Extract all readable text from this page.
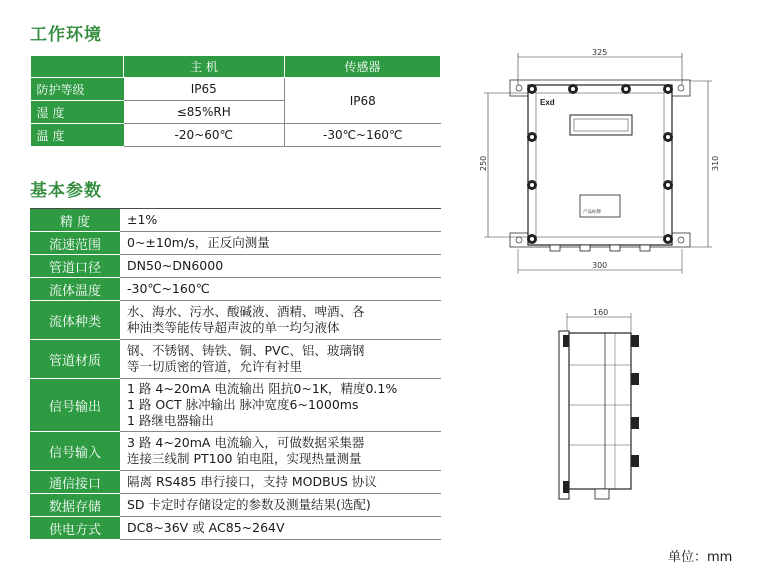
工作环境
	主 机	传感器
防护等级	IP65	IP68
湿 度	≤85%RH	
温 度	-20~60℃	-30℃~160℃
基本参数
精 度	±1%

流速范围	0~±10m/s，正反向测量

管道口径	DN50~DN6000

流体温度	-30℃~160℃

流体种类	水、海水、污水、酸碱液、酒精、啤酒、各
种油类等能传导超声波的单一均匀液体

管道材质	钢、不锈钢、铸铁、铜、PVC、铝、玻璃钢
等一切质密的管道，允许有衬里

信号输出	1 路 4~20mA 电流输出 阻抗0~1K，精度0.1%
1 路 OCT 脉冲输出 脉冲宽度6~1000ms
1 路继电器输出

信号输入	3 路 4~20mA 电流输入，可做数据采集器
连接三线制 PT100 铂电阻，实现热量测量

通信接口	隔离 RS485 串行接口，支持 MODBUS 协议

数据存储	SD 卡定时存储设定的参数及测量结果(选配)

供电方式	DC8~36V 或 AC85~264V
325
Exd
产品标牌
250	310
300
160
单位：mm
